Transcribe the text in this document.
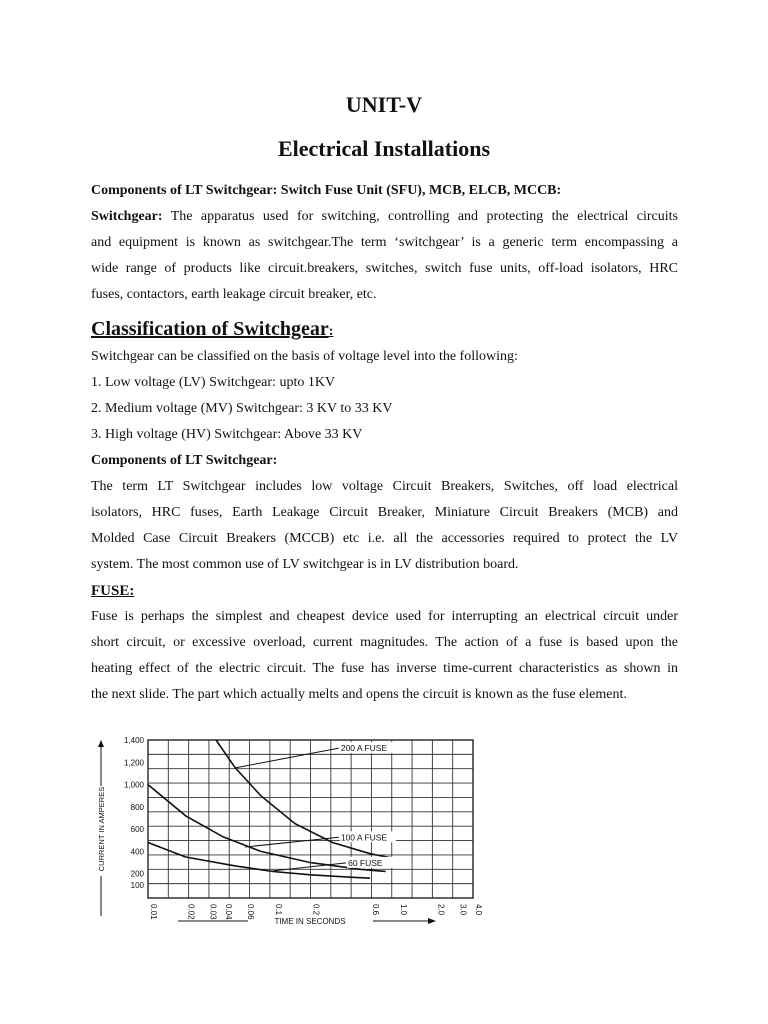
UNIT-V
Electrical Installations
Components of LT Switchgear: Switch Fuse Unit (SFU), MCB, ELCB, MCCB:
Switchgear: The apparatus used for switching, controlling and protecting the electrical circuits
and equipment is known as switchgear.The term ‘switchgear’ is a generic term encompassing a
wide range of products like circuit.breakers, switches, switch fuse units, off-load isolators, HRC
fuses, contactors, earth leakage circuit breaker, etc.
Classification of Switchgear:
Switchgear can be classified on the basis of voltage level into the following:
1. Low voltage (LV) Switchgear: upto 1KV
2. Medium voltage (MV) Switchgear: 3 KV to 33 KV
3. High voltage (HV) Switchgear: Above 33 KV
Components of LT Switchgear:
The term LT Switchgear includes low voltage Circuit Breakers, Switches, off load electrical
isolators, HRC fuses, Earth Leakage Circuit Breaker, Miniature Circuit Breakers (MCB) and
Molded Case Circuit Breakers (MCCB) etc i.e. all the accessories required to protect the LV
system. The most common use of LV switchgear is in LV distribution board.
FUSE:
Fuse is perhaps the simplest and cheapest device used for interrupting an electrical circuit under
short circuit, or excessive overload, current magnitudes. The action of a fuse is based upon the
heating effect of the electric circuit. The fuse has inverse time-current characteristics as shown in
the next slide. The part which actually melts and opens the circuit is known as the fuse element.
1,400
1,200
1,000
800
600
400
200
100
0.01	0.02 0.03 0.04 0.06 0.1	0.2	0.6 1.0	2.0 3.0 4.0
200 A FUSE
100 A FUSE
60 FUSE
CURRENT IN AMPERES
TIME IN SECONDS
